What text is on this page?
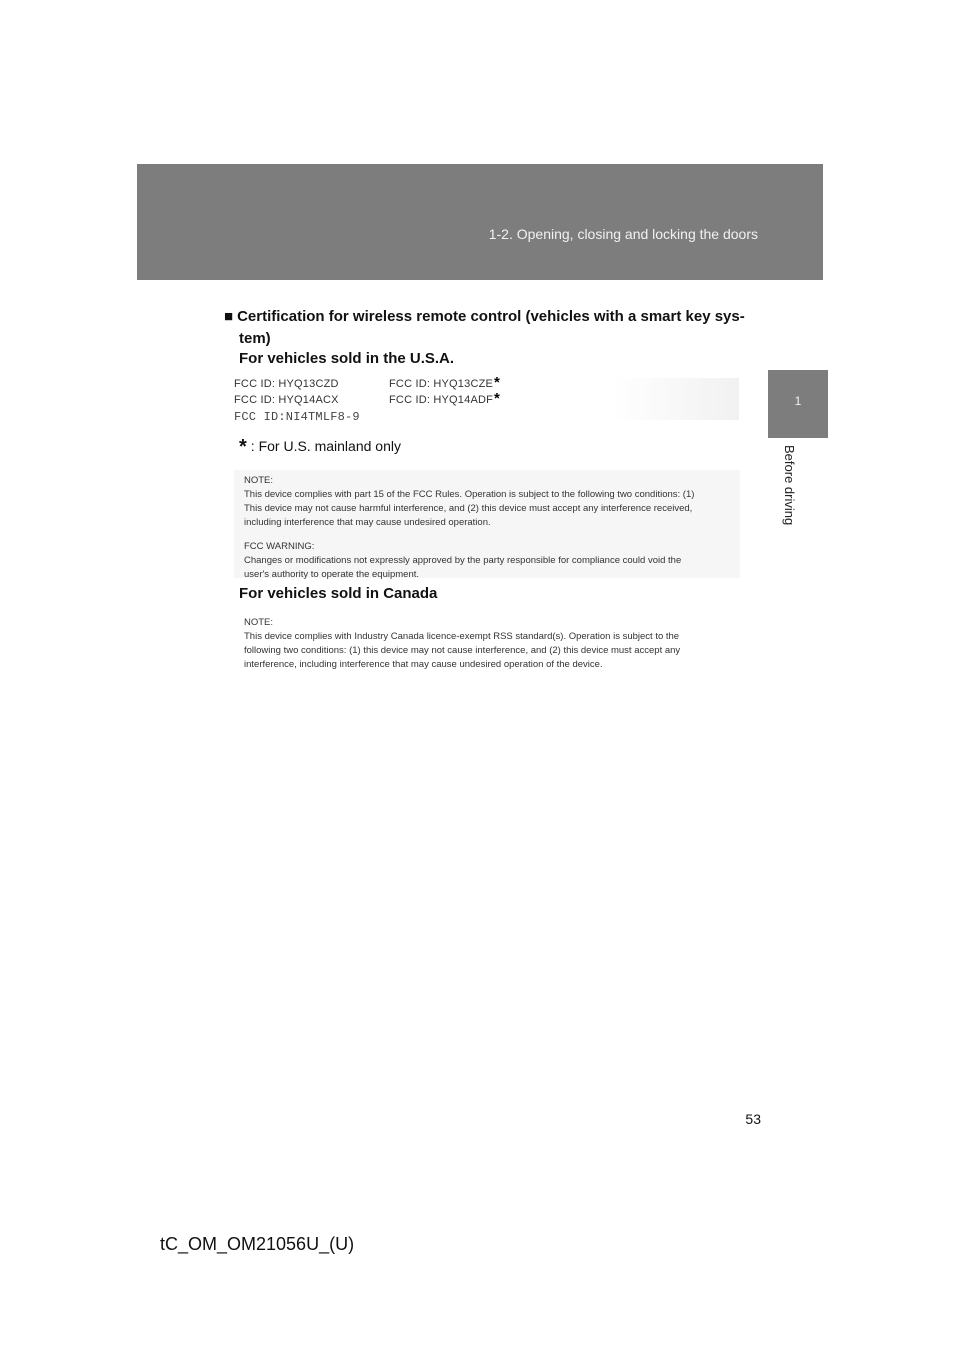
1-2. Opening, closing and locking the doors
1
Before driving
■ Certification for wireless remote control (vehicles with a smart key sys-
tem)
For vehicles sold in the U.S.A.
FCC ID: HYQ13CZD	FCC ID: HYQ13CZE *
FCC ID: HYQ14ACX	FCC ID: HYQ14ADF *
FCC ID:NI4TMLF8-9
* : For U.S. mainland only

NOTE:

This device complies with part 15 of the FCC Rules. Operation is subject to the following two conditions: (1)

This device may not cause harmful interference, and (2) this device must accept any interference received,

including interference that may cause undesired operation.

FCC WARNING:

Changes or modifications not expressly approved by the party responsible for compliance could void the

user's authority to operate the equipment.

For vehicles sold in Canada

NOTE:

This device complies with Industry Canada licence-exempt RSS standard(s). Operation is subject to the

following two conditions: (1) this device may not cause interference, and (2) this device must accept any

interference, including interference that may cause undesired operation of the device.

53
tC_OM_OM21056U_(U)
